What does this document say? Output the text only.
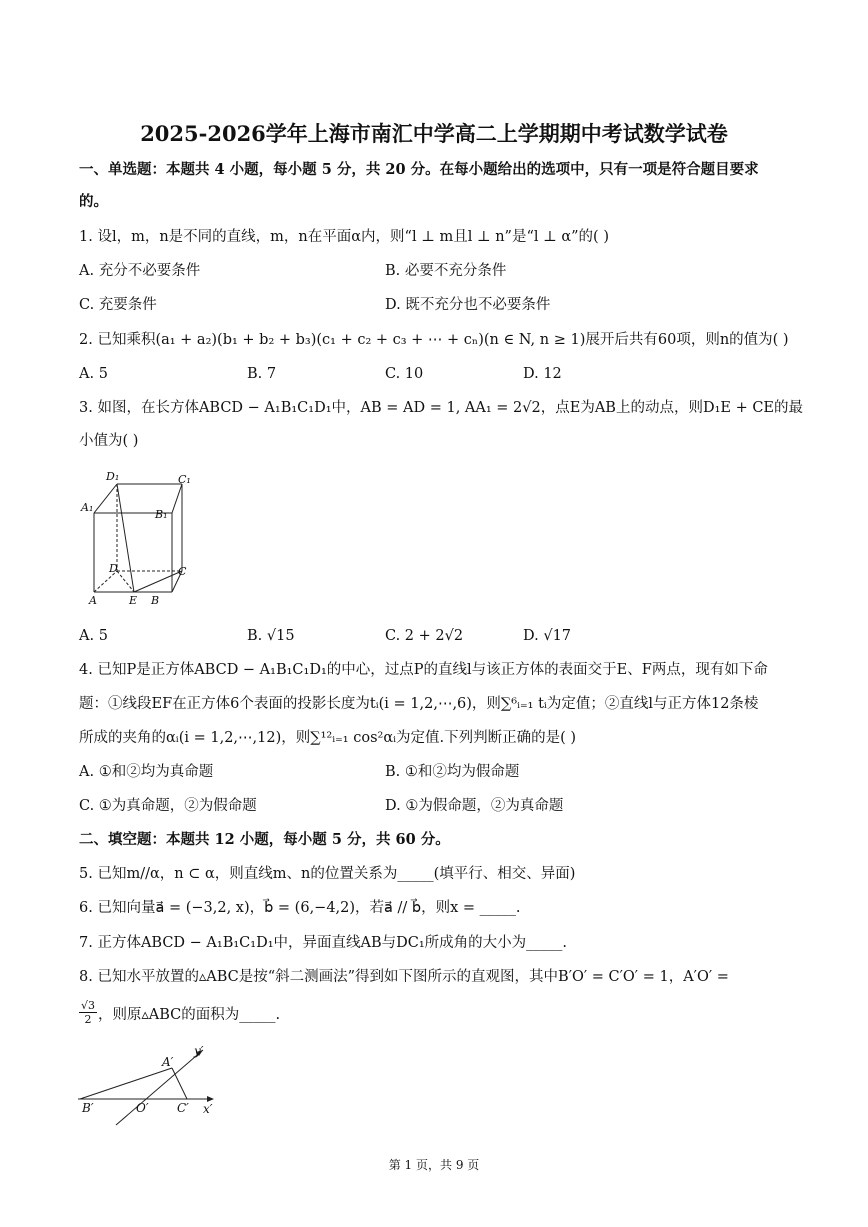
2025-2026学年上海市南汇中学高二上学期期中考试数学试卷
一、单选题：本题共 4 小题，每小题 5 分，共 20 分。在每小题给出的选项中，只有一项是符合题目要求
的。
1. 设l，m，n是不同的直线，m，n在平面α内，则“l ⊥ m且l ⊥ n”是“l ⊥ α”的( )
A. 充分不必要条件	B. 必要不充分条件
C. 充要条件	D. 既不充分也不必要条件
2. 已知乘积(a₁ + a₂)(b₁ + b₂ + b₃)(c₁ + c₂ + c₃ + ⋯ + cₙ)(n ∈ N, n ≥ 1)展开后共有60项，则n的值为( )
A. 5	B. 7	C. 10	D. 12
3. 如图，在长方体ABCD − A₁B₁C₁D₁中，AB = AD = 1, AA₁ = 2√2，点E为AB上的动点，则D₁E + CE的最
小值为( )
D₁	C₁
A₁
B₁
D	C
A	E B
A. 5	B. √15	C. 2 + 2√2	D. √17
4. 已知P是正方体ABCD − A₁B₁C₁D₁的中心，过点P的直线l与该正方体的表面交于E、F两点，现有如下命
题：①线段EF在正方体6个表面的投影长度为tᵢ(i = 1,2,⋯,6)，则∑⁶ᵢ₌₁ tᵢ为定值；②直线l与正方体12条棱
所成的夹角的αᵢ(i = 1,2,⋯,12)，则∑¹²ᵢ₌₁ cos²αᵢ为定值.下列判断正确的是( )
A. ①和②均为真命题	B. ①和②均为假命题
C. ①为真命题，②为假命题	D. ①为假命题，②为真命题
二、填空题：本题共 12 小题，每小题 5 分，共 60 分。
5. 已知m//α，n ⊂ α，则直线m、n的位置关系为_____(填平行、相交、异面)
6. 已知向量a⃗ = (−3,2, x)，b⃗ = (6,−4,2)，若a⃗ // b⃗，则x = _____.
7. 正方体ABCD − A₁B₁C₁D₁中，异面直线AB与DC₁所成角的大小为_____.
8. 已知水平放置的▵ABC是按“斜二测画法”得到如下图所示的直观图，其中B′O′ = C′O′ = 1，A′O′ =
$\frac{√3}{2}$ ，则原▵ABC的面积为_____.
A′
y′
B′	O′ C′ x′
第 1 页，共 9 页
